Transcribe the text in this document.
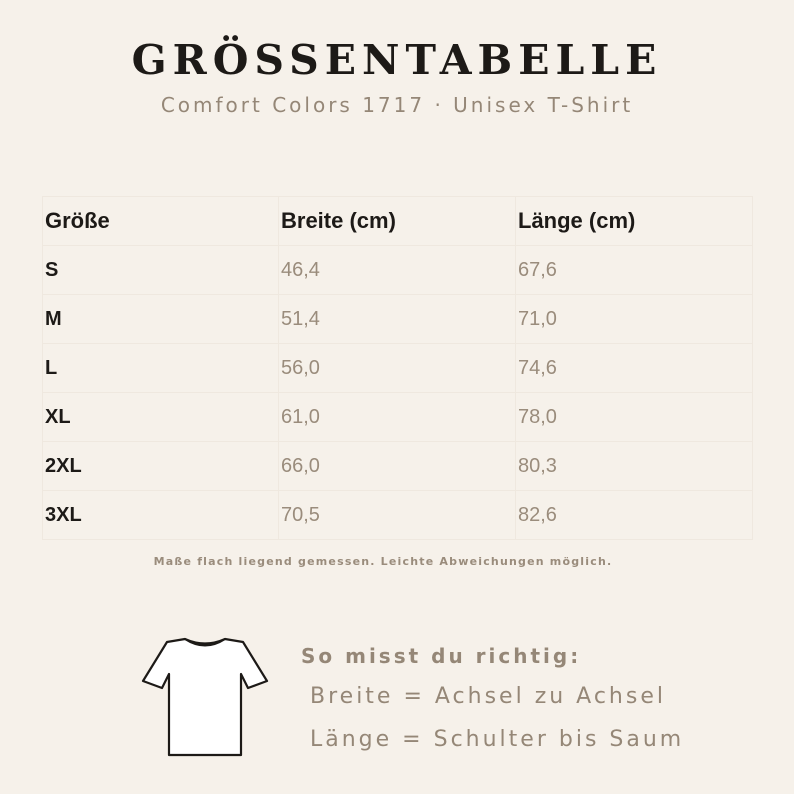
GRÖSSENTABELLE
Comfort Colors 1717 · Unisex T-Shirt
Größe	Breite (cm)	Länge (cm)
S	46,4	67,6
M	51,4	71,0
L	56,0	74,6
XL	61,0	78,0
2XL	66,0	80,3
3XL	70,5	82,6
Maße flach liegend gemessen. Leichte Abweichungen möglich.
So misst du richtig:
Breite = Achsel zu Achsel
Länge = Schulter bis Saum
